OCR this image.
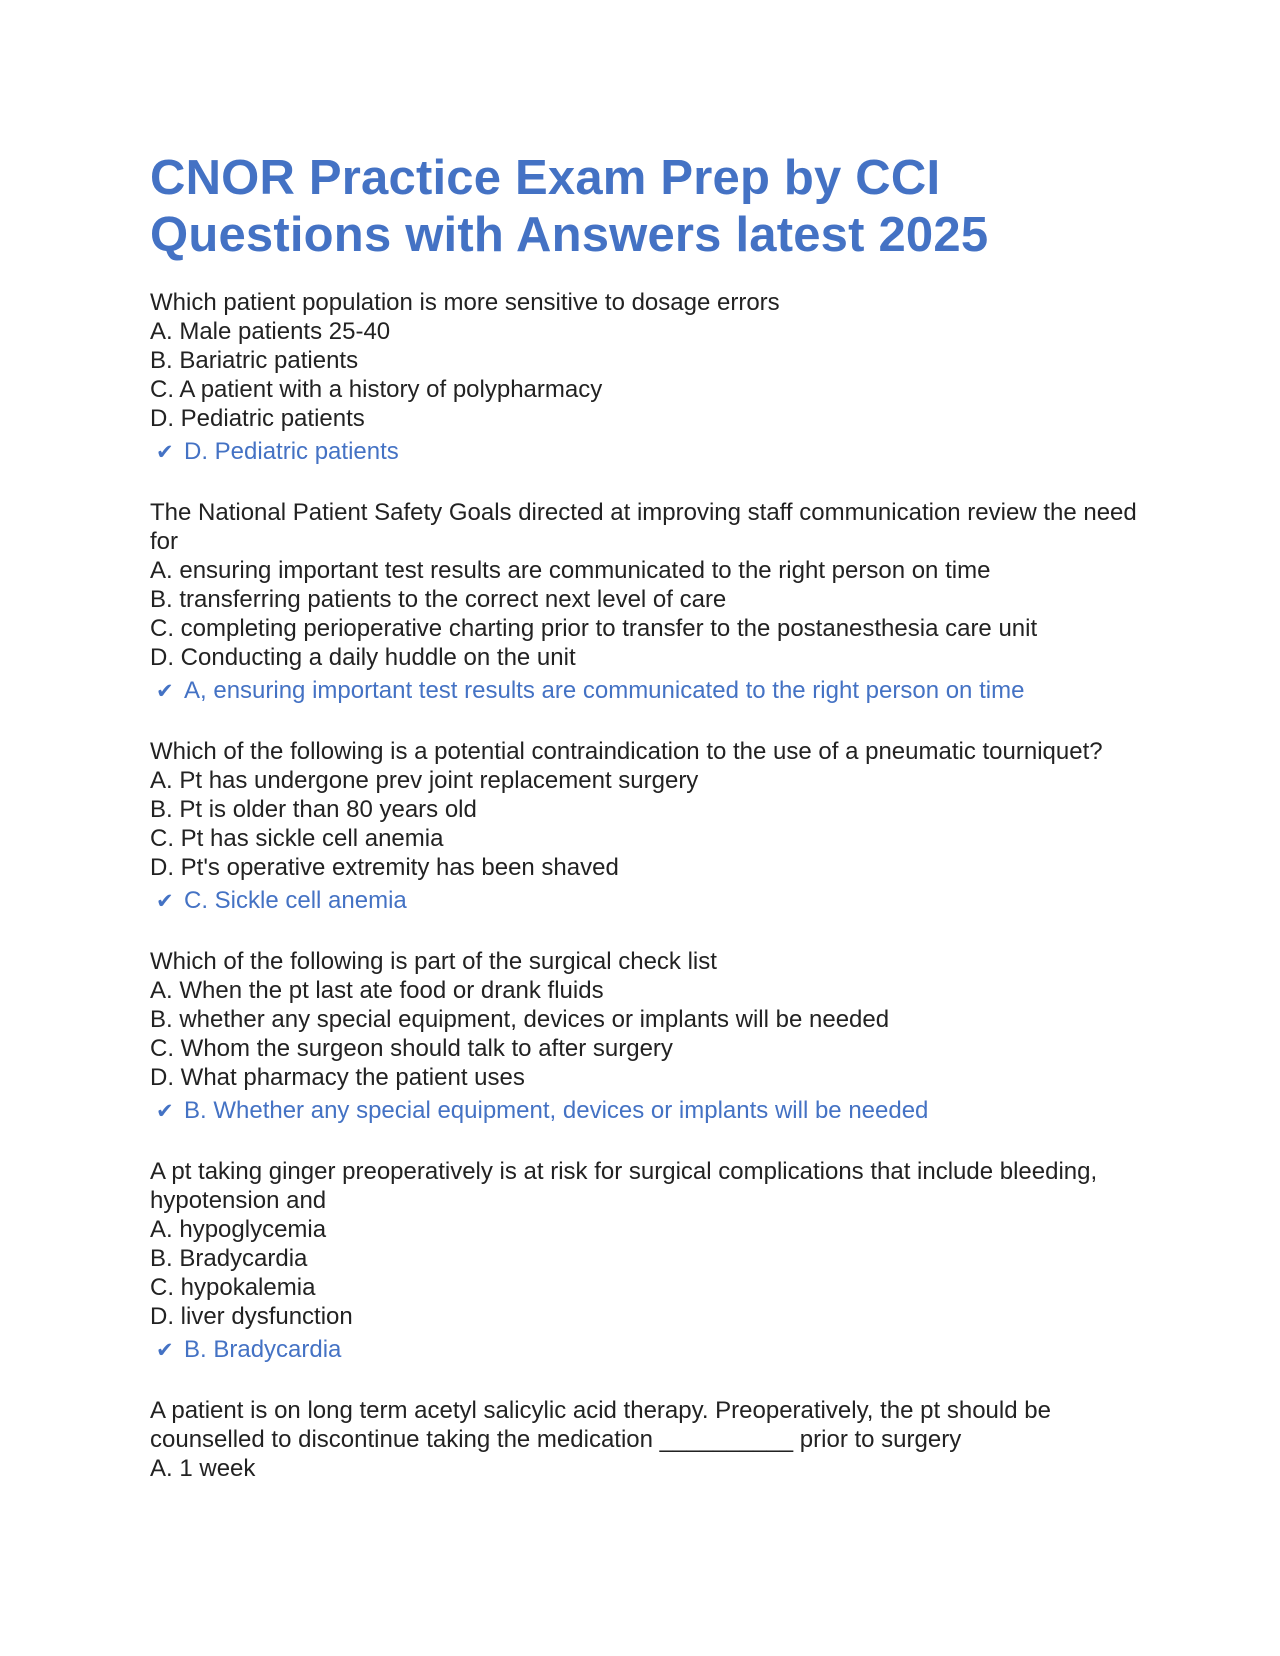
CNOR Practice Exam Prep by CCI Questions with Answers latest 2025

Which patient population is more sensitive to dosage errors

A. Male patients 25-40

B. Bariatric patients

C. A patient with a history of polypharmacy

D. Pediatric patients

✔ D. Pediatric patients

The National Patient Safety Goals directed at improving staff communication review the need for

A. ensuring important test results are communicated to the right person on time

B. transferring patients to the correct next level of care

C. completing perioperative charting prior to transfer to the postanesthesia care unit

D. Conducting a daily huddle on the unit

✔ A, ensuring important test results are communicated to the right person on time

Which of the following is a potential contraindication to the use of a pneumatic tourniquet?

A. Pt has undergone prev joint replacement surgery

B. Pt is older than 80 years old

C. Pt has sickle cell anemia

D. Pt's operative extremity has been shaved

✔ C. Sickle cell anemia

Which of the following is part of the surgical check list

A. When the pt last ate food or drank fluids

B. whether any special equipment, devices or implants will be needed

C. Whom the surgeon should talk to after surgery

D. What pharmacy the patient uses

✔ B. Whether any special equipment, devices or implants will be needed

A pt taking ginger preoperatively is at risk for surgical complications that include bleeding, hypotension and

A. hypoglycemia

B. Bradycardia

C. hypokalemia

D. liver dysfunction

✔ B. Bradycardia

A patient is on long term acetyl salicylic acid therapy. Preoperatively, the pt should be counselled to discontinue taking the medication __________ prior to surgery

A. 1 week
